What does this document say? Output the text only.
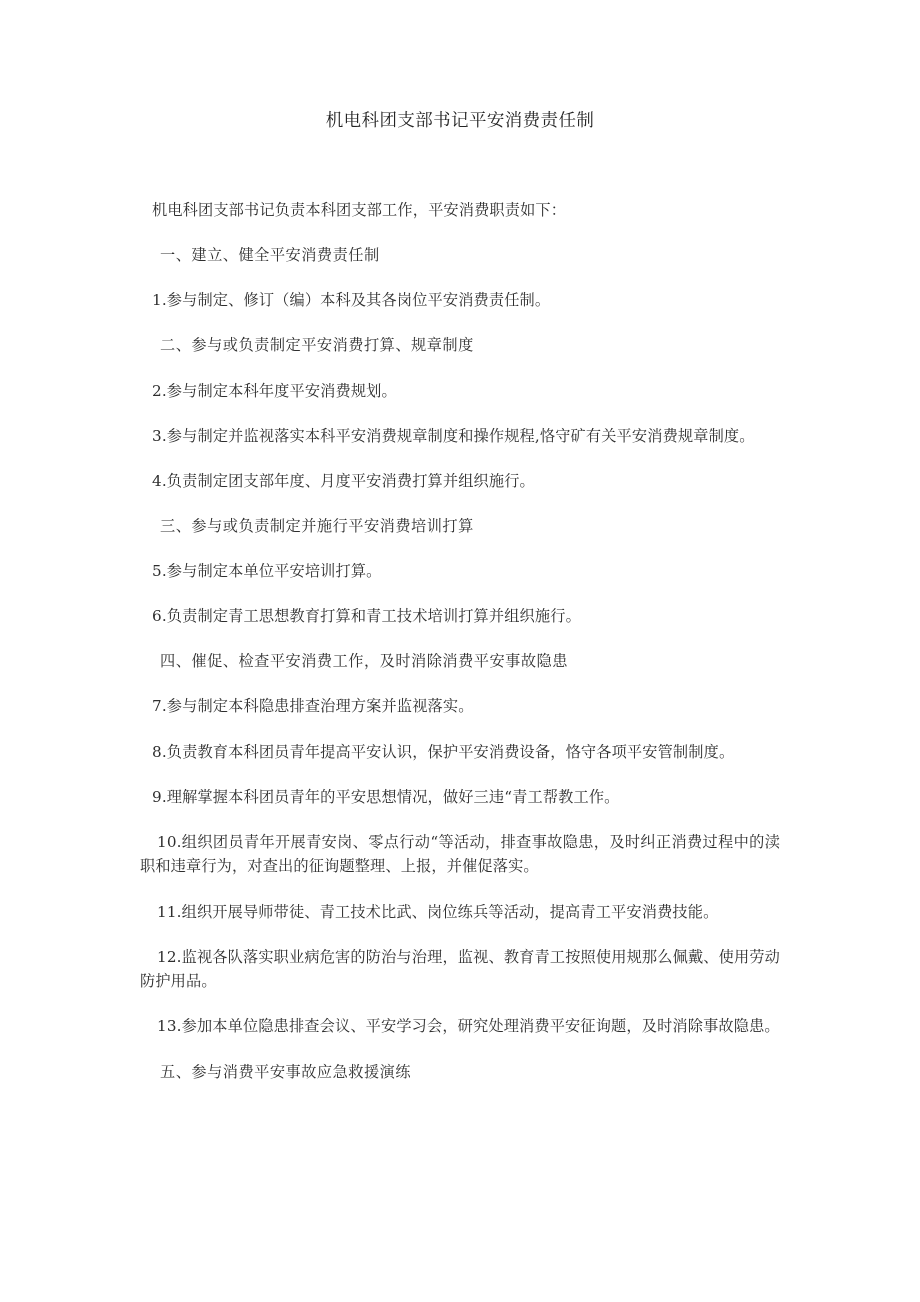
机电科团支部书记平安消费责任制

机电科团支部书记负责本科团支部工作，平安消费职责如下：

一、建立、健全平安消费责任制

1.参与制定、修订（编）本科及其各岗位平安消费责任制。

二、参与或负责制定平安消费打算、规章制度

2.参与制定本科年度平安消费规划。

3.参与制定并监视落实本科平安消费规章制度和操作规程,恪守矿有关平安消费规章制度。

4.负责制定团支部年度、月度平安消费打算并组织施行。

三、参与或负责制定并施行平安消费培训打算

5.参与制定本单位平安培训打算。

6.负责制定青工思想教育打算和青工技术培训打算并组织施行。

四、催促、检查平安消费工作，及时消除消费平安事故隐患

7.参与制定本科隐患排查治理方案并监视落实。

8.负责教育本科团员青年提高平安认识，保护平安消费设备，恪守各项平安管制制度。

9.理解掌握本科团员青年的平安思想情况，做好三违“青工帮教工作。

10.组织团员青年开展青安岗、零点行动“等活动，排查事故隐患，及时纠正消费过程中的渎职和违章行为，对查出的征询题整理、上报，并催促落实。

11.组织开展导师带徒、青工技术比武、岗位练兵等活动，提高青工平安消费技能。

12.监视各队落实职业病危害的防治与治理，监视、教育青工按照使用规那么佩戴、使用劳动防护用品。

13.参加本单位隐患排查会议、平安学习会，研究处理消费平安征询题，及时消除事故隐患。

五、参与消费平安事故应急救援演练
